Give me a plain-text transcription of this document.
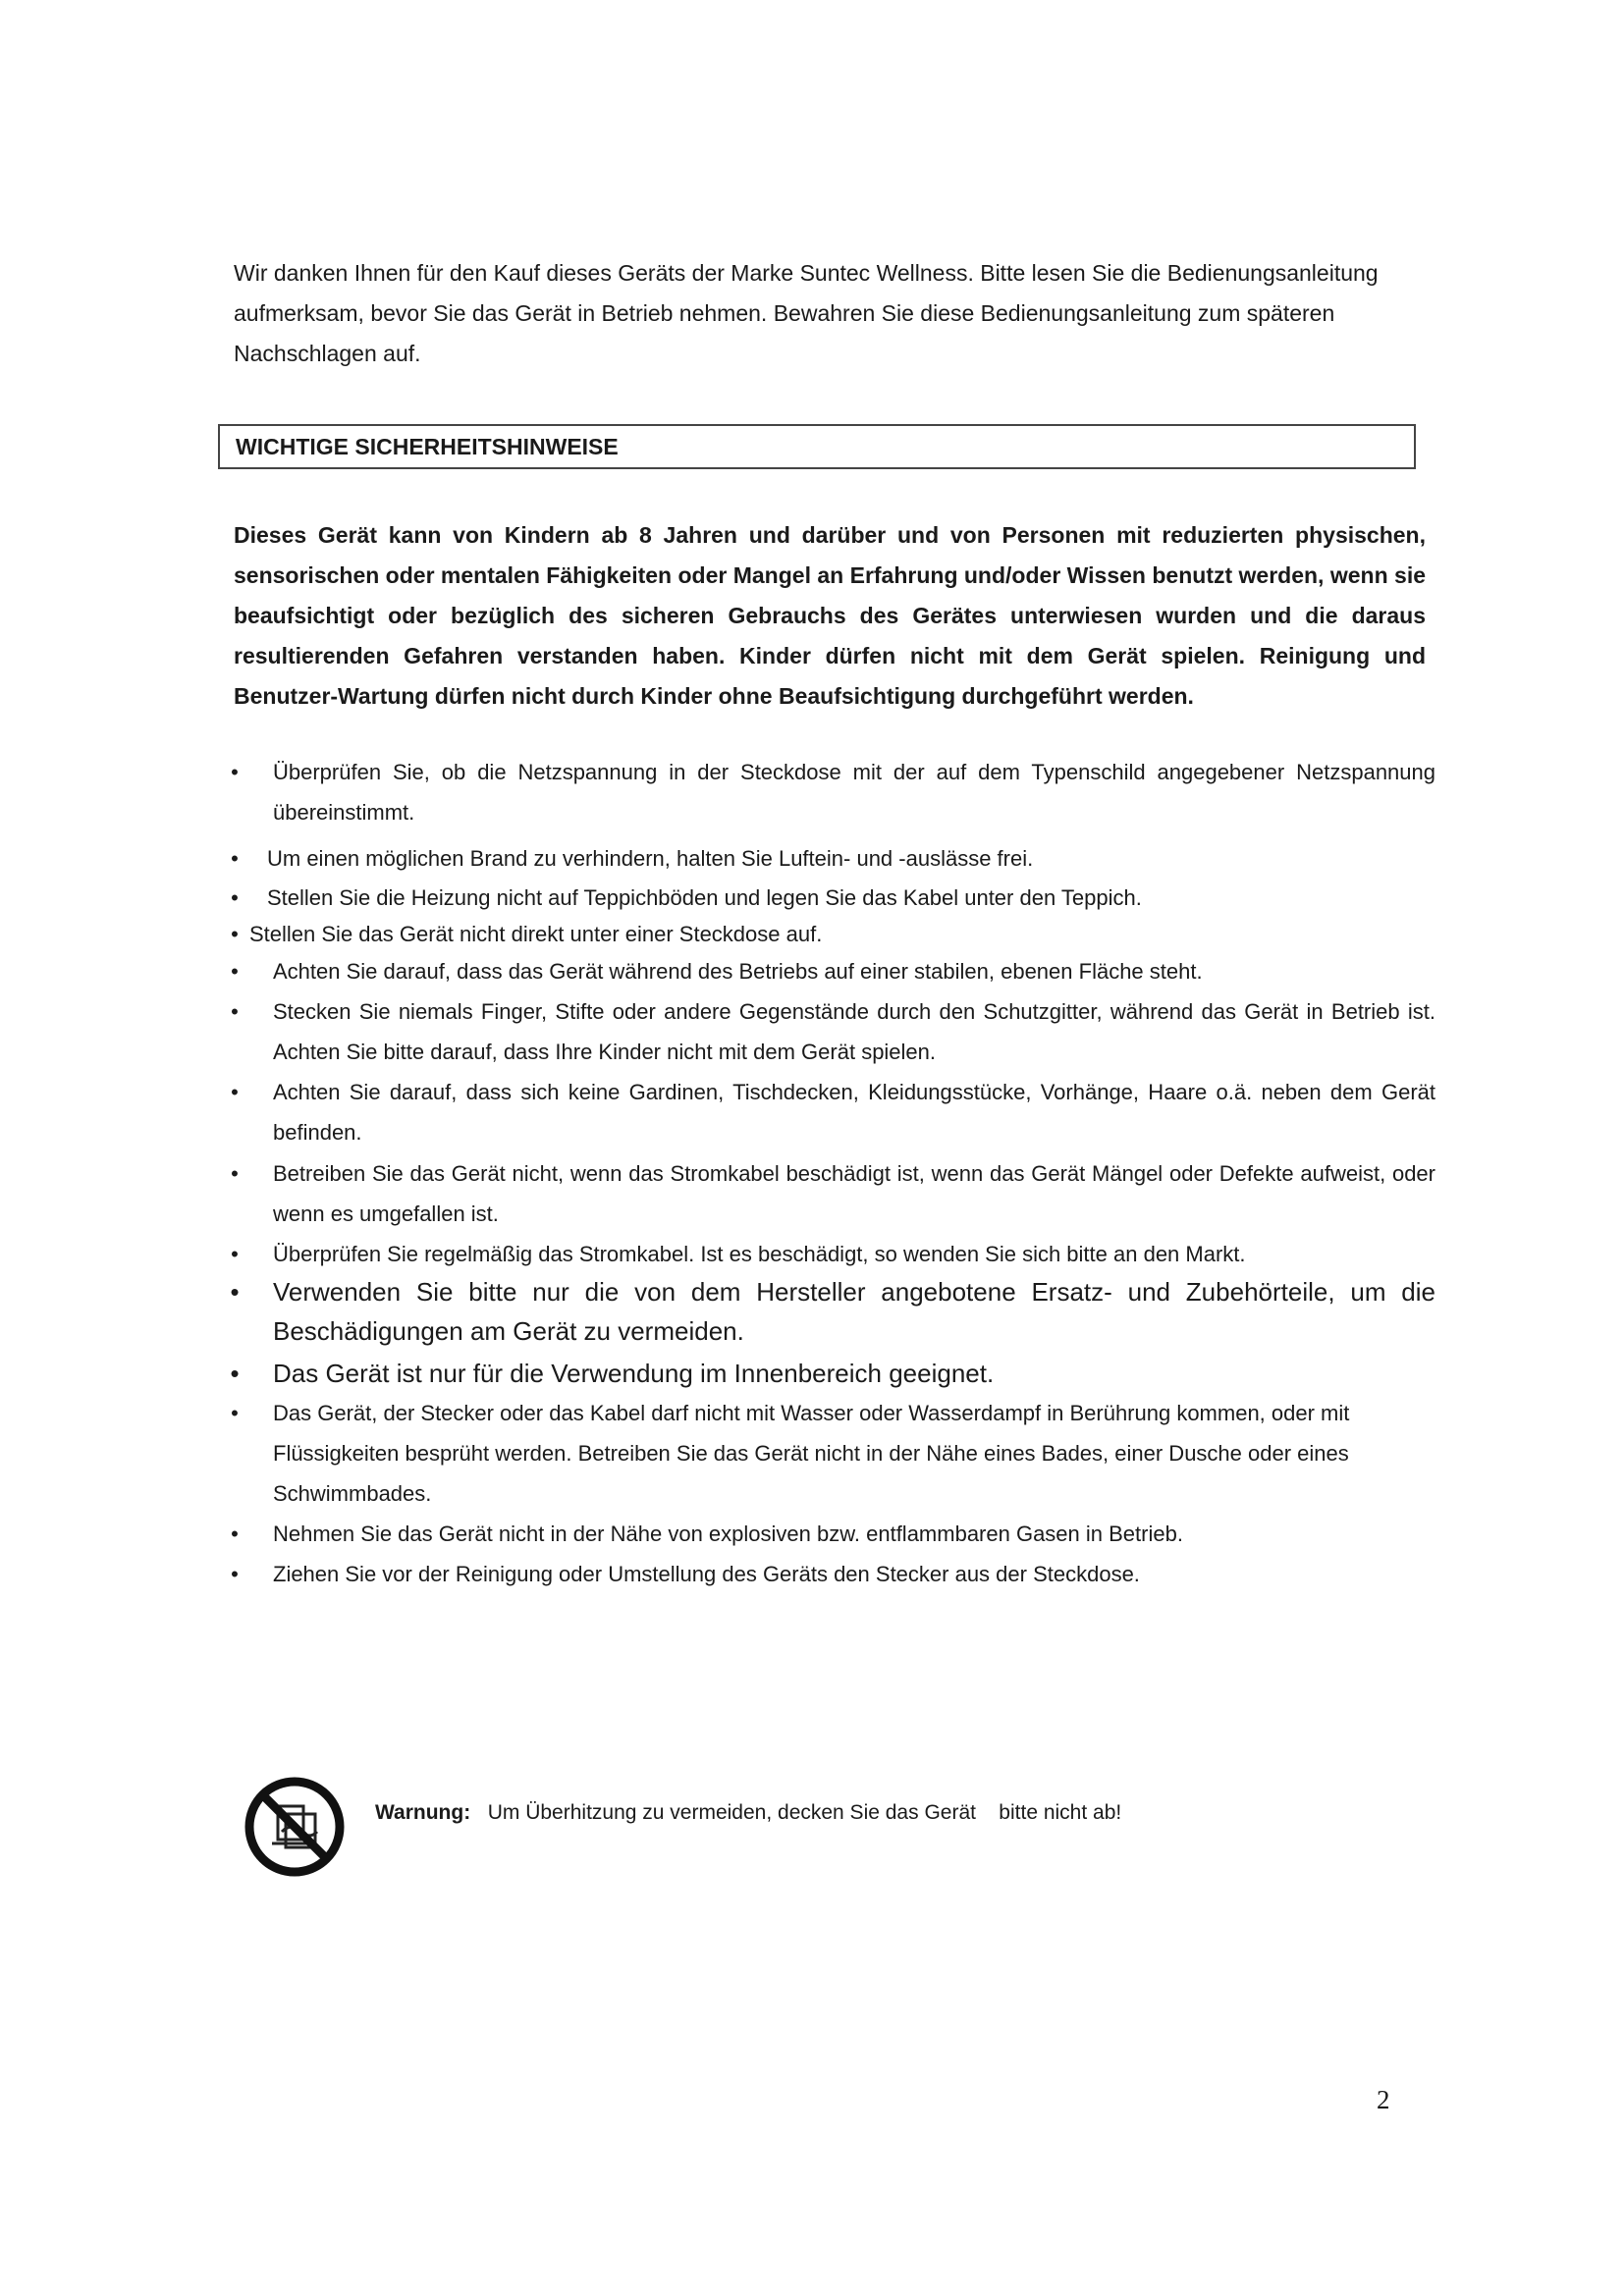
Wir danken Ihnen für den Kauf dieses Geräts der Marke Suntec Wellness. Bitte lesen Sie die Bedienungsanleitung aufmerksam, bevor Sie das Gerät in Betrieb nehmen. Bewahren Sie diese Bedienungsanleitung zum späteren Nachschlagen auf.

WICHTIGE SICHERHEITSHINWEISE

Dieses Gerät kann von Kindern ab 8 Jahren und darüber und von Personen mit reduzierten physischen, sensorischen oder mentalen Fähigkeiten oder Mangel an Erfahrung und/oder Wissen benutzt werden, wenn sie beaufsichtigt oder bezüglich des sicheren Gebrauchs des Gerätes unterwiesen wurden und die daraus resultierenden Gefahren verstanden haben. Kinder dürfen nicht mit dem Gerät spielen. Reinigung und Benutzer-Wartung dürfen nicht durch Kinder ohne Beaufsichtigung durchgeführt werden.

• Überprüfen Sie, ob die Netzspannung in der Steckdose mit der auf dem Typenschild angegebener Netzspannung übereinstimmt.
• Um einen möglichen Brand zu verhindern, halten Sie Luftein- und -auslässe frei.
• Stellen Sie die Heizung nicht auf Teppichböden und legen Sie das Kabel unter den Teppich.
• Stellen Sie das Gerät nicht direkt unter einer Steckdose auf.
• Achten Sie darauf, dass das Gerät während des Betriebs auf einer stabilen, ebenen Fläche steht.
• Stecken Sie niemals Finger, Stifte oder andere Gegenstände durch den Schutzgitter, während das Gerät in Betrieb ist. Achten Sie bitte darauf, dass Ihre Kinder nicht mit dem Gerät spielen.
• Achten Sie darauf, dass sich keine Gardinen, Tischdecken, Kleidungsstücke, Vorhänge, Haare o.ä. neben dem Gerät befinden.
• Betreiben Sie das Gerät nicht, wenn das Stromkabel beschädigt ist, wenn das Gerät Mängel oder Defekte aufweist, oder wenn es umgefallen ist.
• Überprüfen Sie regelmäßig das Stromkabel. Ist es beschädigt, so wenden Sie sich bitte an den Markt.
• Verwenden Sie bitte nur die von dem Hersteller angebotene Ersatz- und Zubehörteile, um die Beschädigungen am Gerät zu vermeiden.
• Das Gerät ist nur für die Verwendung im Innenbereich geeignet.
• Das Gerät, der Stecker oder das Kabel darf nicht mit Wasser oder Wasserdampf in Berührung kommen, oder mit Flüssigkeiten besprüht werden. Betreiben Sie das Gerät nicht in der Nähe eines Bades, einer Dusche oder eines Schwimmbades.
• Nehmen Sie das Gerät nicht in der Nähe von explosiven bzw. entflammbaren Gasen in Betrieb.
• Ziehen Sie vor der Reinigung oder Umstellung des Geräts den Stecker aus der Steckdose.
Warnung: Um Überhitzung zu vermeiden, decken Sie das Gerät    bitte nicht ab!
2
